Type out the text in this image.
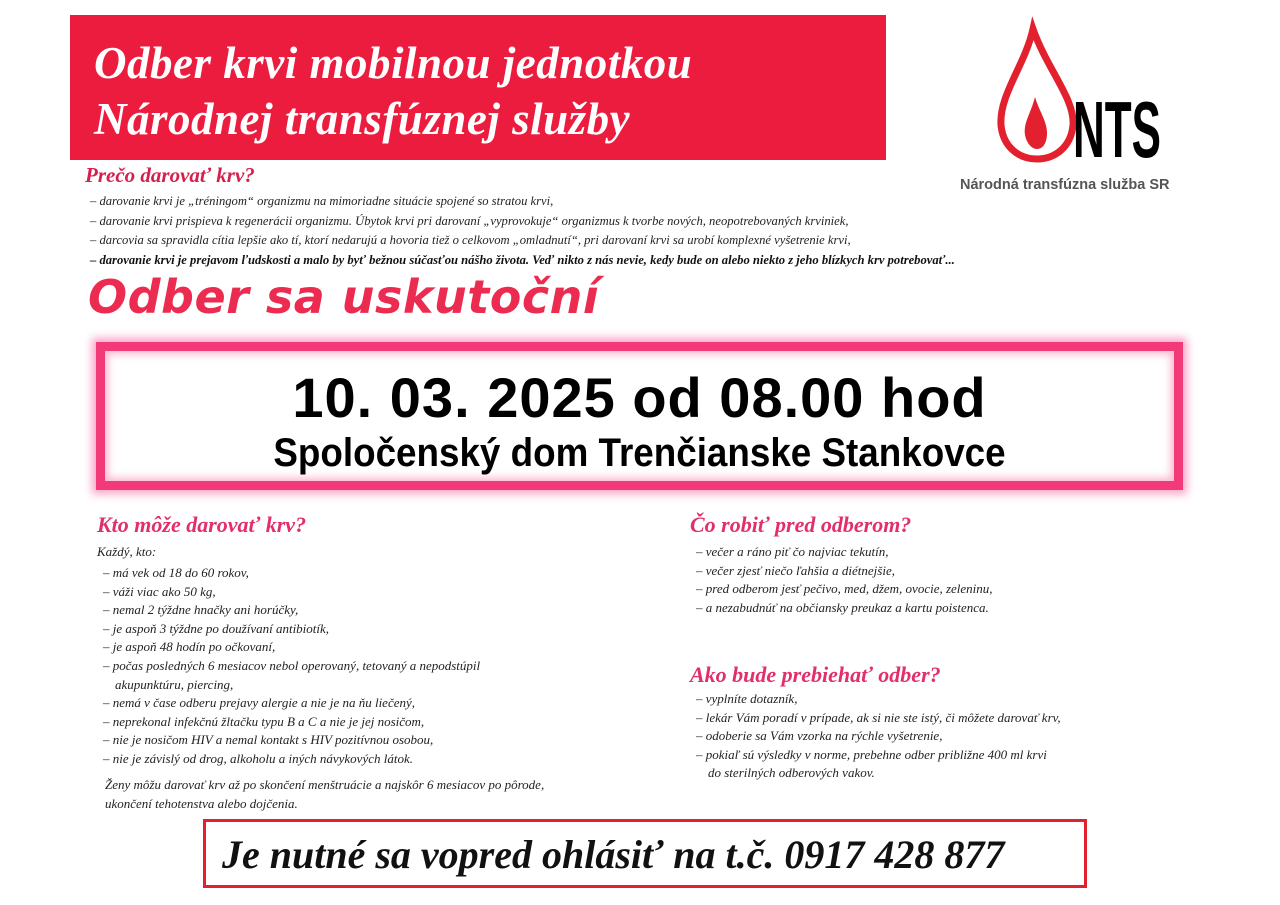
Odber krvi mobilnou jednotkou
Národnej transfúznej služby	NTS
Národná transfúzna služba SR
Prečo darovať krv?
– darovanie krvi je „tréningom“ organizmu na mimoriadne situácie spojené so stratou krvi,
– darovanie krvi prispieva k regenerácii organizmu. Úbytok krvi pri darovaní „vyprovokuje“ organizmus k tvorbe nových, neopotrebovaných krviniek,
– darcovia sa spravidla cítia lepšie ako tí, ktorí nedarujú a hovoria tiež o celkovom „omladnutí“, pri darovaní krvi sa urobí komplexné vyšetrenie krvi,
– darovanie krvi je prejavom ľudskosti a malo by byť bežnou súčasťou nášho života. Veď nikto z nás nevie, kedy bude on alebo niekto z jeho blízkych krv potrebovať...
Odber sa uskutoční
10. 03. 2025 od 08.00 hod
Spoločenský dom Trenčianske Stankovce
Kto môže darovať krv?
Každý, kto:
– má vek od 18 do 60 rokov,
– váži viac ako 50 kg,
– nemal 2 týždne hnačky ani horúčky,
– je aspoň 3 týždne po doužívaní antibiotík,
– je aspoň 48 hodín po očkovaní,
– počas posledných 6 mesiacov nebol operovaný, tetovaný a nepodstúpil
akupunktúru, piercing,
– nemá v čase odberu prejavy alergie a nie je na ňu liečený,
– neprekonal infekčnú žltačku typu B a C a nie je jej nosičom,
– nie je nosičom HIV a nemal kontakt s HIV pozitívnou osobou,
– nie je závislý od drog, alkoholu a iných návykových látok.
Ženy môžu darovať krv až po skončení menštruácie a najskôr 6 mesiacov po pôrode, ukončení tehotenstva alebo dojčenia.
Čo robiť pred odberom?
– večer a ráno piť čo najviac tekutín,
– večer zjesť niečo ľahšia a diétnejšie,
– pred odberom jesť pečivo, med, džem, ovocie, zeleninu,
– a nezabudnúť na občiansky preukaz a kartu poistenca.
Ako bude prebiehať odber?
– vyplníte dotazník,
– lekár Vám poradí v prípade, ak si nie ste istý, či môžete darovať krv,
– odoberie sa Vám vzorka na rýchle vyšetrenie,
– pokiaľ sú výsledky v norme, prebehne odber približne 400 ml krvi
do sterilných odberových vakov.
Je nutné sa vopred ohlásiť na t.č. 0917 428 877
